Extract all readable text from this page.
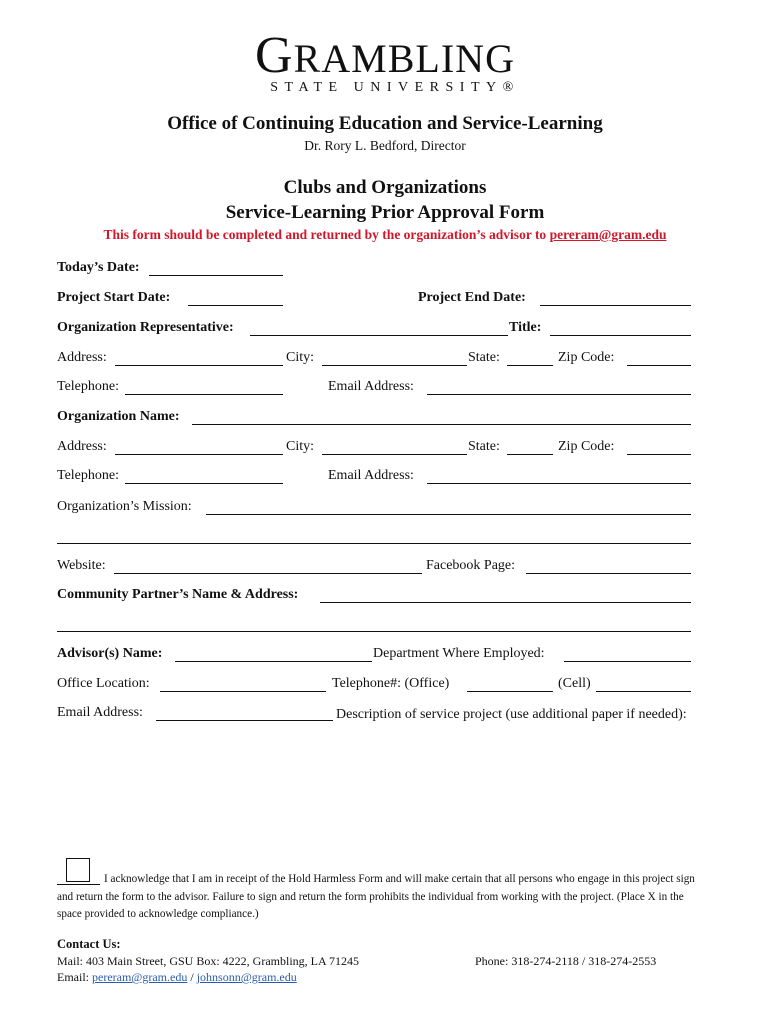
GRAMBLING
STATE UNIVERSITY®
Office of Continuing Education and Service-Learning
Dr. Rory L. Bedford, Director
Clubs and Organizations
Service-Learning Prior Approval Form
This form should be completed and returned by the organization’s advisor to pereram@gram.edu
Today’s Date:
Project Start Date:	Project End Date:
Organization Representative:	Title:
Address:	City:	State:	Zip Code:
Telephone:	Email Address:
Organization Name:
Address:	City:	State:	Zip Code:
Telephone:	Email Address:
Organization’s Mission:
Website:	Facebook Page:
Community Partner’s Name & Address:
Advisor(s) Name:	Department Where Employed:
Office Location:	Telephone#: (Office)	(Cell)
Email Address:	Description of service project (use additional paper if needed):
I acknowledge that I am in receipt of the Hold Harmless Form and will make certain that all persons who engage in this project sign and return the form to the advisor. Failure to sign and return the form prohibits the individual from working with the project. (Place X in the space provided to acknowledge compliance.)
Contact Us:
Mail: 403 Main Street, GSU Box: 4222, Grambling, LA 71245
Email: pereram@gram.edu / johnsonn@gram.edu
Phone: 318-274-2118 / 318-274-2553
